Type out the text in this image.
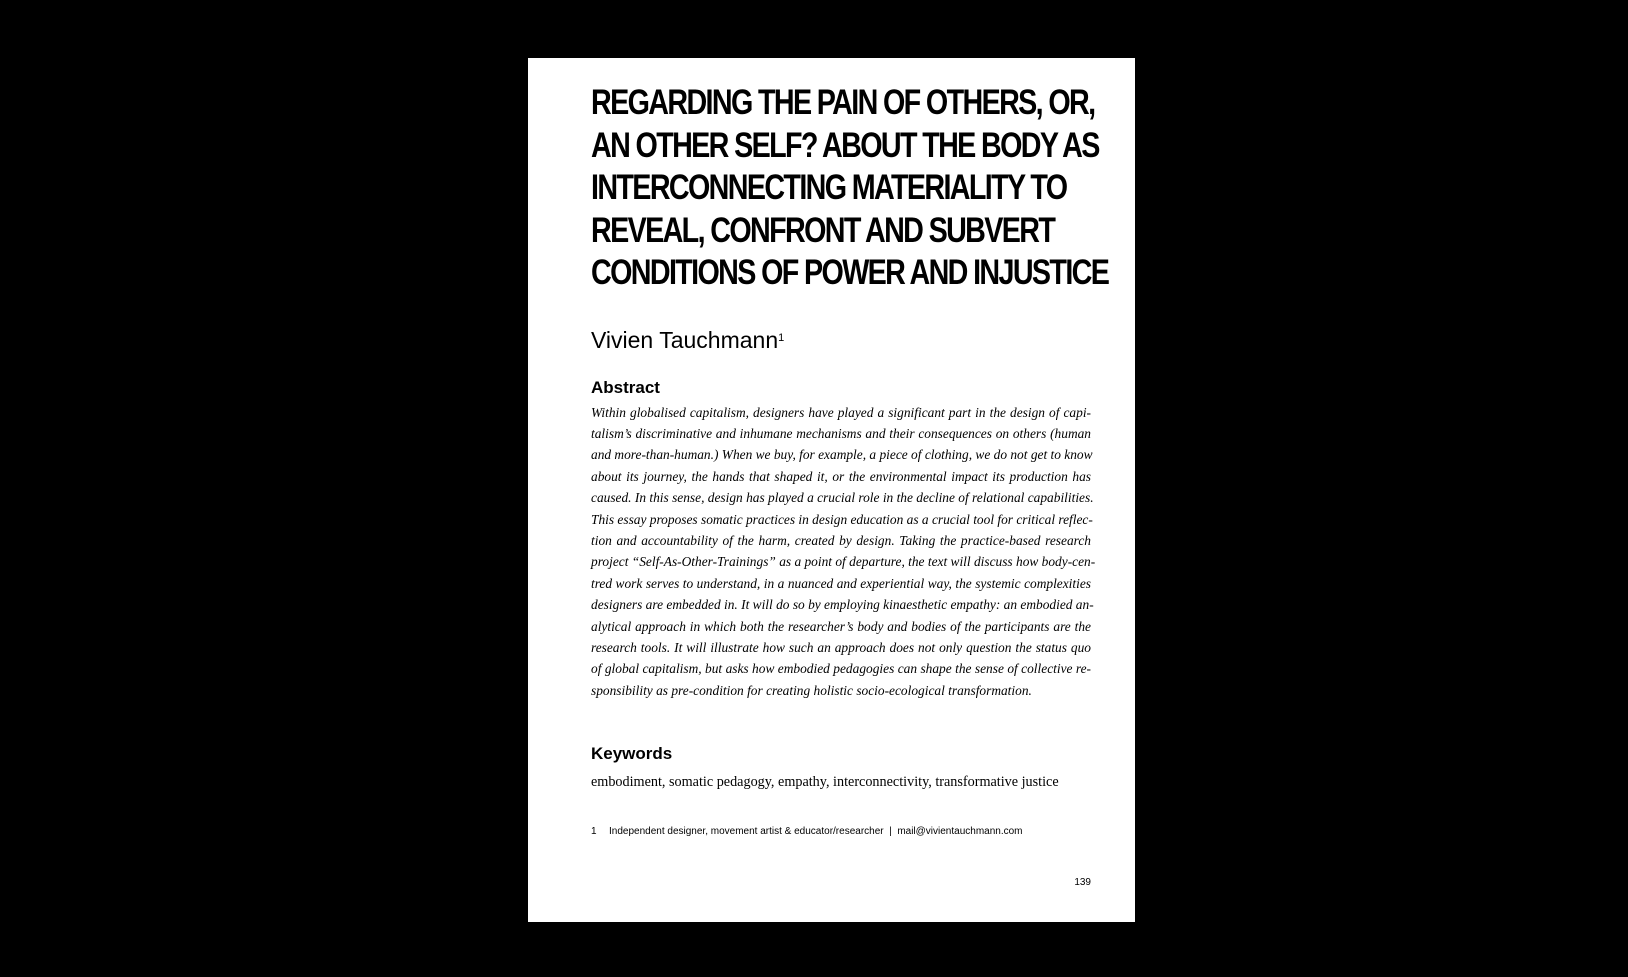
REGARDING THE PAIN OF OTHERS, OR,
AN OTHER SELF? ABOUT THE BODY AS
INTERCONNECTING MATERIALITY TO
REVEAL, CONFRONT AND SUBVERT
CONDITIONS OF POWER AND INJUSTICE
Vivien Tauchmann$^1$
Abstract
Within globalised capitalism, designers have played a significant part in the design of capi-
talism’s discriminative and inhumane mechanisms and their consequences on others (human
and more-than-human.) When we buy, for example, a piece of clothing, we do not get to know
about its journey, the hands that shaped it, or the environmental impact its production has
caused. In this sense, design has played a crucial role in the decline of relational capabilities.
This essay proposes somatic practices in design education as a crucial tool for critical reflec-
tion and accountability of the harm, created by design. Taking the practice-based research
project “Self-As-Other-Trainings” as a point of departure, the text will discuss how body-cen-
tred work serves to understand, in a nuanced and experiential way, the systemic complexities
designers are embedded in. It will do so by employing kinaesthetic empathy: an embodied an-
alytical approach in which both the researcher’s body and bodies of the participants are the
research tools. It will illustrate how such an approach does not only question the status quo
of global capitalism, but asks how embodied pedagogies can shape the sense of collective re-
sponsibility as pre-condition for creating holistic socio-ecological transformation.
Keywords
embodiment, somatic pedagogy, empathy, interconnectivity, transformative justice
1	Independent designer, movement artist & educator/researcher  |  mail@vivientauchmann.com
139
